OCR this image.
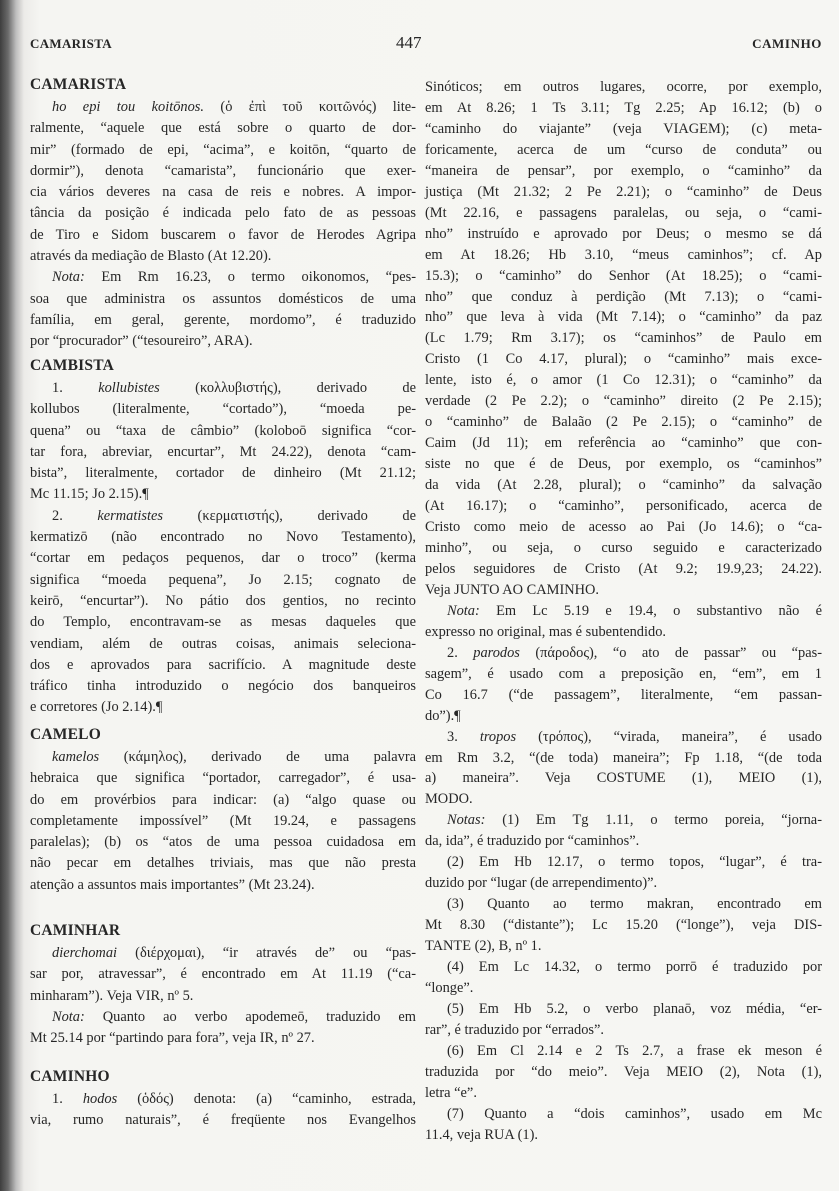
CAMARISTA	447	CAMINHO
CAMARISTA
ho epi tou koitōnos. (ὁ ἐπὶ τοῦ κοιτῶνός) lite-
ralmente, “aquele que está sobre o quarto de dor-
mir” (formado de epi, “acima”, e koitōn, “quarto de
dormir”), denota “camarista”, funcionário que exer-
cia vários deveres na casa de reis e nobres. A impor-
tância da posição é indicada pelo fato de as pessoas
de Tiro e Sidom buscarem o favor de Herodes Agripa
através da mediação de Blasto (At 12.20).
Nota: Em Rm 16.23, o termo oikonomos, “pes-
soa que administra os assuntos domésticos de uma
família, em geral, gerente, mordomo”, é traduzido
por “procurador” (“tesoureiro”, ARA).
CAMBISTA
1. kollubistes (κολλυβιστής), derivado de
kollubos (literalmente, “cortado”), “moeda pe-
quena” ou “taxa de câmbio” (koloboō significa “cor-
tar fora, abreviar, encurtar”, Mt 24.22), denota “cam-
bista”, literalmente, cortador de dinheiro (Mt 21.12;
Mc 11.15; Jo 2.15).¶
2. kermatistes (κερματιστής), derivado de
kermatizō (não encontrado no Novo Testamento),
“cortar em pedaços pequenos, dar o troco” (kerma
significa “moeda pequena”, Jo 2.15; cognato de
keirō, “encurtar”). No pátio dos gentios, no recinto
do Templo, encontravam-se as mesas daqueles que
vendiam, além de outras coisas, animais seleciona-
dos e aprovados para sacrifício. A magnitude deste
tráfico tinha introduzido o negócio dos banqueiros
e corretores (Jo 2.14).¶
CAMELO
kamelos (κάμηλος), derivado de uma palavra
hebraica que significa “portador, carregador”, é usa-
do em provérbios para indicar: (a) “algo quase ou
completamente impossível” (Mt 19.24, e passagens
paralelas); (b) os “atos de uma pessoa cuidadosa em
não pecar em detalhes triviais, mas que não presta
atenção a assuntos mais importantes” (Mt 23.24).
CAMINHAR
dierchomai (διέρχομαι), “ir através de” ou “pas-
sar por, atravessar”, é encontrado em At 11.19 (“ca-
minharam”). Veja VIR, nº 5.
Nota: Quanto ao verbo apodemeō, traduzido em
Mt 25.14 por “partindo para fora”, veja IR, nº 27.
CAMINHO
1. hodos (ὁδός) denota: (a) “caminho, estrada,
via, rumo naturais”, é freqüente nos Evangelhos
Sinóticos; em outros lugares, ocorre, por exemplo,
em At 8.26; 1 Ts 3.11; Tg 2.25; Ap 16.12; (b) o
“caminho do viajante” (veja VIAGEM); (c) meta-
foricamente, acerca de um “curso de conduta” ou
“maneira de pensar”, por exemplo, o “caminho” da
justiça (Mt 21.32; 2 Pe 2.21); o “caminho” de Deus
(Mt 22.16, e passagens paralelas, ou seja, o “cami-
nho” instruído e aprovado por Deus; o mesmo se dá
em At 18.26; Hb 3.10, “meus caminhos”; cf. Ap
15.3); o “caminho” do Senhor (At 18.25); o “cami-
nho” que conduz à perdição (Mt 7.13); o “cami-
nho” que leva à vida (Mt 7.14); o “caminho” da paz
(Lc 1.79; Rm 3.17); os “caminhos” de Paulo em
Cristo (1 Co 4.17, plural); o “caminho” mais exce-
lente, isto é, o amor (1 Co 12.31); o “caminho” da
verdade (2 Pe 2.2); o “caminho” direito (2 Pe 2.15);
o “caminho” de Balaão (2 Pe 2.15); o “caminho” de
Caim (Jd 11); em referência ao “caminho” que con-
siste no que é de Deus, por exemplo, os “caminhos”
da vida (At 2.28, plural); o “caminho” da salvação
(At 16.17); o “caminho”, personificado, acerca de
Cristo como meio de acesso ao Pai (Jo 14.6); o “ca-
minho”, ou seja, o curso seguido e caracterizado
pelos seguidores de Cristo (At 9.2; 19.9,23; 24.22).
Veja JUNTO AO CAMINHO.
Nota: Em Lc 5.19 e 19.4, o substantivo não é
expresso no original, mas é subentendido.
2. parodos (πάροδος), “o ato de passar” ou “pas-
sagem”, é usado com a preposição en, “em”, em 1
Co 16.7 (“de passagem”, literalmente, “em passan-
do”).¶
3. tropos (τρόπος), “virada, maneira”, é usado
em Rm 3.2, “(de toda) maneira”; Fp 1.18, “(de toda
a) maneira”. Veja COSTUME (1), MEIO (1),
MODO.
Notas: (1) Em Tg 1.11, o termo poreia, “jorna-
da, ida”, é traduzido por “caminhos”.
(2) Em Hb 12.17, o termo topos, “lugar”, é tra-
duzido por “lugar (de arrependimento)”.
(3) Quanto ao termo makran, encontrado em
Mt 8.30 (“distante”); Lc 15.20 (“longe”), veja DIS-
TANTE (2), B, nº 1.
(4) Em Lc 14.32, o termo porrō é traduzido por
“longe”.
(5) Em Hb 5.2, o verbo planaō, voz média, “er-
rar”, é traduzido por “errados”.
(6) Em Cl 2.14 e 2 Ts 2.7, a frase ek meson é
traduzida por “do meio”. Veja MEIO (2), Nota (1),
letra “e”.
(7) Quanto a “dois caminhos”, usado em Mc
11.4, veja RUA (1).
